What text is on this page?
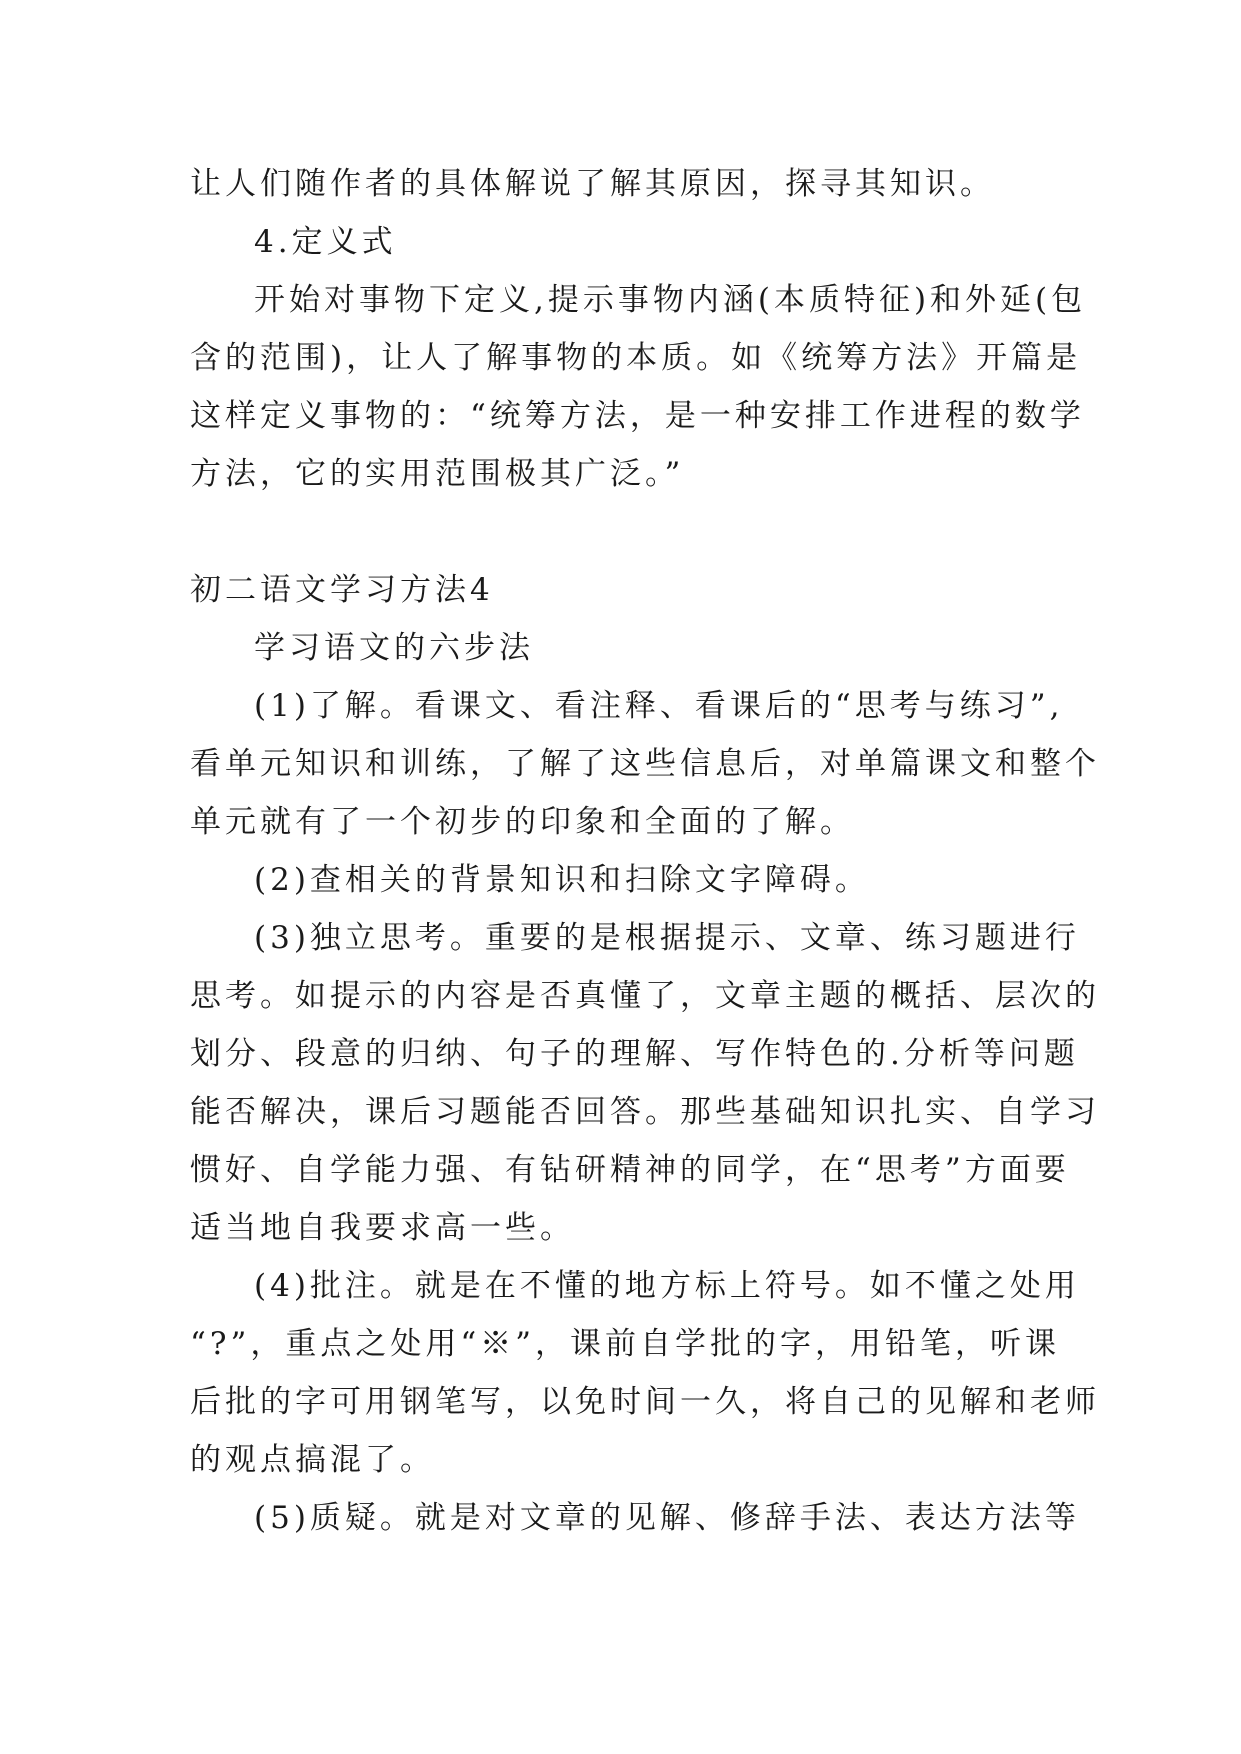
让人们随作者的具体解说了解其原因，探寻其知识。
4.定义式
开始对事物下定义,提示事物内涵(本质特征)和外延(包
含的范围)，让人了解事物的本质。如《统筹方法》开篇是
这样定义事物的：“统筹方法，是一种安排工作进程的数学
方法，它的实用范围极其广泛。”
初二语文学习方法4
学习语文的六步法
(1)了解。看课文、看注释、看课后的“思考与练习”,
看单元知识和训练，了解了这些信息后，对单篇课文和整个
单元就有了一个初步的印象和全面的了解。
(2)查相关的背景知识和扫除文字障碍。
(3)独立思考。重要的是根据提示、文章、练习题进行
思考。如提示的内容是否真懂了，文章主题的概括、层次的
划分、段意的归纳、句子的理解、写作特色的.分析等问题
能否解决，课后习题能否回答。那些基础知识扎实、自学习
惯好、自学能力强、有钻研精神的同学，在“思考”方面要
适当地自我要求高一些。
(4)批注。就是在不懂的地方标上符号。如不懂之处用
“?”，重点之处用“※”，课前自学批的字，用铅笔，听课
后批的字可用钢笔写，以免时间一久，将自己的见解和老师
的观点搞混了。
(5)质疑。就是对文章的见解、修辞手法、表达方法等
